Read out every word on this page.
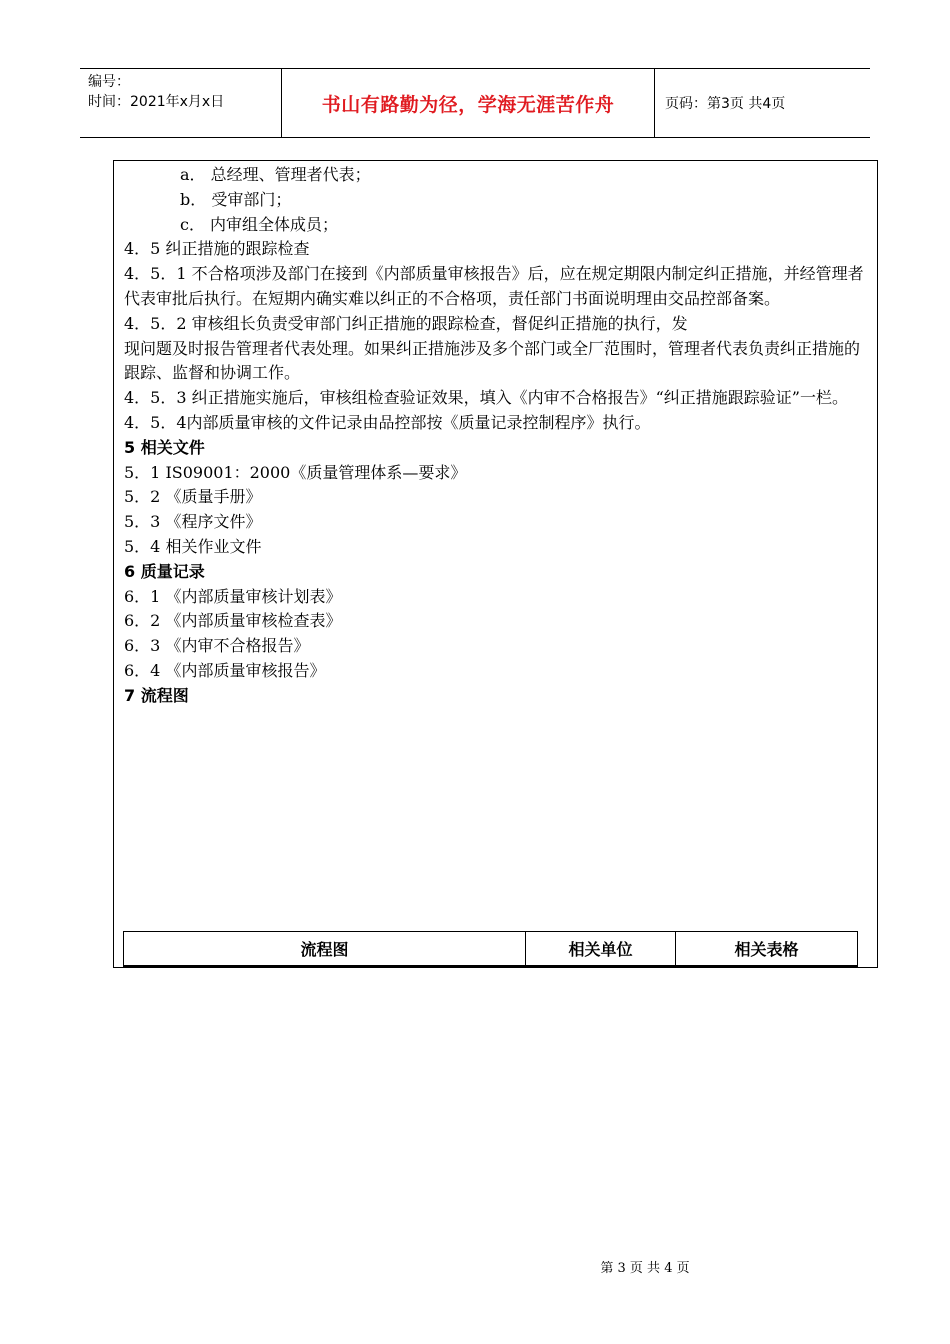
编号：
时间：2021年x月x日	书山有路勤为径，学海无涯苦作舟	页码：第3页 共4页
a． 总经理、管理者代表；
b． 受审部门；
c． 内审组全体成员；
4．5 纠正措施的跟踪检查
4．5．1 不合格项涉及部门在接到《内部质量审核报告》后，应在规定期限内制定纠正措施，并经管理者代表审批后执行。在短期内确实难以纠正的不合格项，责任部门书面说明理由交品控部备案。
4．5．2 审核组长负责受审部门纠正措施的跟踪检查，督促纠正措施的执行，发
现问题及时报告管理者代表处理。如果纠正措施涉及多个部门或全厂范围时，管理者代表负责纠正措施的跟踪、监督和协调工作。
4．5．3 纠正措施实施后，审核组检查验证效果，填入《内审不合格报告》“纠正措施跟踪验证”一栏。
4．5．4内部质量审核的文件记录由品控部按《质量记录控制程序》执行。
5 相关文件
5．1 IS09001：2000《质量管理体系—要求》
5．2 《质量手册》
5．3 《程序文件》
5．4 相关作业文件
6 质量记录
6．1 《内部质量审核计划表》
6．2 《内部质量审核检查表》
6．3 《内审不合格报告》
6．4 《内部质量审核报告》
7 流程图
流程图	相关单位	相关表格
第 3 页 共 4 页
